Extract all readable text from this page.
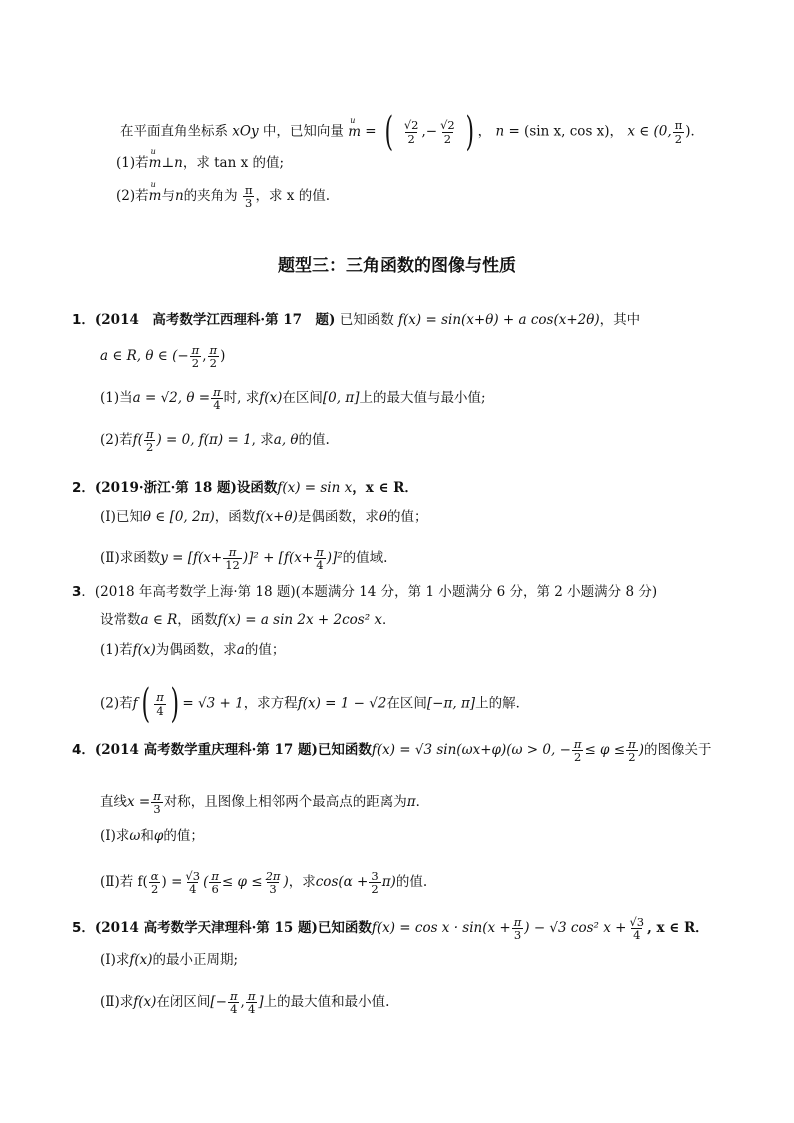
在平面直角坐标系 xOy 中，已知向量 u m = ( $\frac{√2}{2}$ ,− $\frac{√2}{2}$ ) ， n = (sin x, cos x)， x ∈ (0, $\frac{\pi}{2}$ )．
(1)若u m⊥n，求 tan x 的值;
(2)若u m与n的夹角为 $\frac{\pi}{3}$ ，求 x 的值.
题型三：三角函数的图像与性质
1．(2014　高考数学江西理科·第 17　题) 已知函数 f(x) = sin(x+θ) + a cos(x+2θ)，其中
a ∈ R, θ ∈ (− $\frac{\pi}{2}$ , $\frac{\pi}{2}$ )
(1)当a = √2, $\theta = \frac{\pi}{4}$ 时, 求f(x)在区间[0, π]上的最大值与最小值;
(2)若$f( \frac{\pi}{2}$ ) = 0, f(π) = 1, 求a, θ的值.
2．(2019·浙江·第 18 题)设函数f(x) = sin x，x ∈ R．
(Ⅰ)已知θ ∈ [0, 2π)，函数f(x+θ)是偶函数，求θ的值；
(Ⅱ)求函数$y = [f(x+ \frac{\pi}{12} )]^2 + [f(x+ \frac{\pi}{4} )]^2$的值域.
3．(2018 年高考数学上海·第 18 题)(本题满分 14 分，第 1 小题满分 6 分，第 2 小题满分 8 分)
设常数a ∈ R，函数f(x) = a sin 2x + 2cos² x．
(1)若f(x)为偶函数，求a的值；
(2)若$f( \frac{\pi}{4}$ ) = √3 + 1，求方程f(x) = 1 − √2在区间[−π, π]上的解．
4．(2014 高考数学重庆理科·第 17 题)已知函数f(x) = √3 sin(ωx+φ)(ω > 0, − $\frac{\pi}{2} \le \varphi \le \frac{\pi}{2}$ )的图像关于
直线$x = \frac{\pi}{3}$ 对称，且图像上相邻两个最高点的距离为π．
(Ⅰ)求ω和φ的值；
(Ⅱ)若 $f( \frac{\alpha}{2}$ ) = $\frac{√3}{4}$ ( $\frac{\pi}{6} \le \varphi \le \frac{2\pi}{3}$ )，求$\cos(\alpha + \frac{3}{2} \pi)$的值.
5．(2014 高考数学天津理科·第 15 题)已知函数$f(x) = \cos x \cdot \sin(x + \frac{\pi}{3}$ ) − √3 cos² $x + \frac{√3}{4}$ , x ∈ R．
(Ⅰ)求f(x)的最小正周期;
(Ⅱ)求f(x)在闭区间[− $\frac{\pi}{4}$ , $\frac{\pi}{4}$ ]上的最大值和最小值.
